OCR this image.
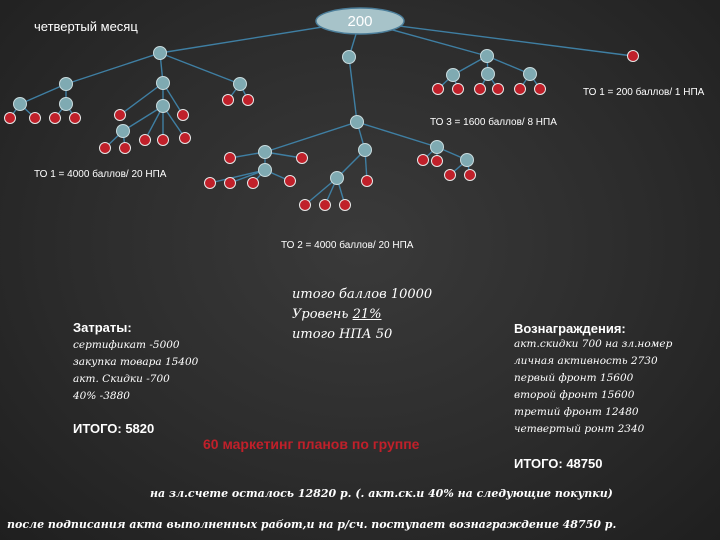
200
четвертый месяц
ТО 1 = 200 баллов/ 1 НПА
ТО 3 = 1600 баллов/ 8 НПА
ТО 1 = 4000 баллов/ 20 НПА
ТО 2 = 4000 баллов/ 20 НПА
итого баллов 10000
Уровень 21%
итого НПА 50
Затраты:
сертификат -5000
закупка товара 15400
акт. Скидки -700
40% -3880
ИТОГО: 5820
Вознаграждения:
акт.скидки 700 на зл.номер
личная активность 2730
первый фронт 15600
второй фронт 15600
третий фронт 12480
четвертый ронт 2340
ИТОГО: 48750
60 маркетинг планов по группе
на зл.счете осталось 12820 р. (. акт.ск.и 40% на следующие покупки)
после подписания акта выполненных работ,и на р/сч. поступает вознаграждение 48750 р.
